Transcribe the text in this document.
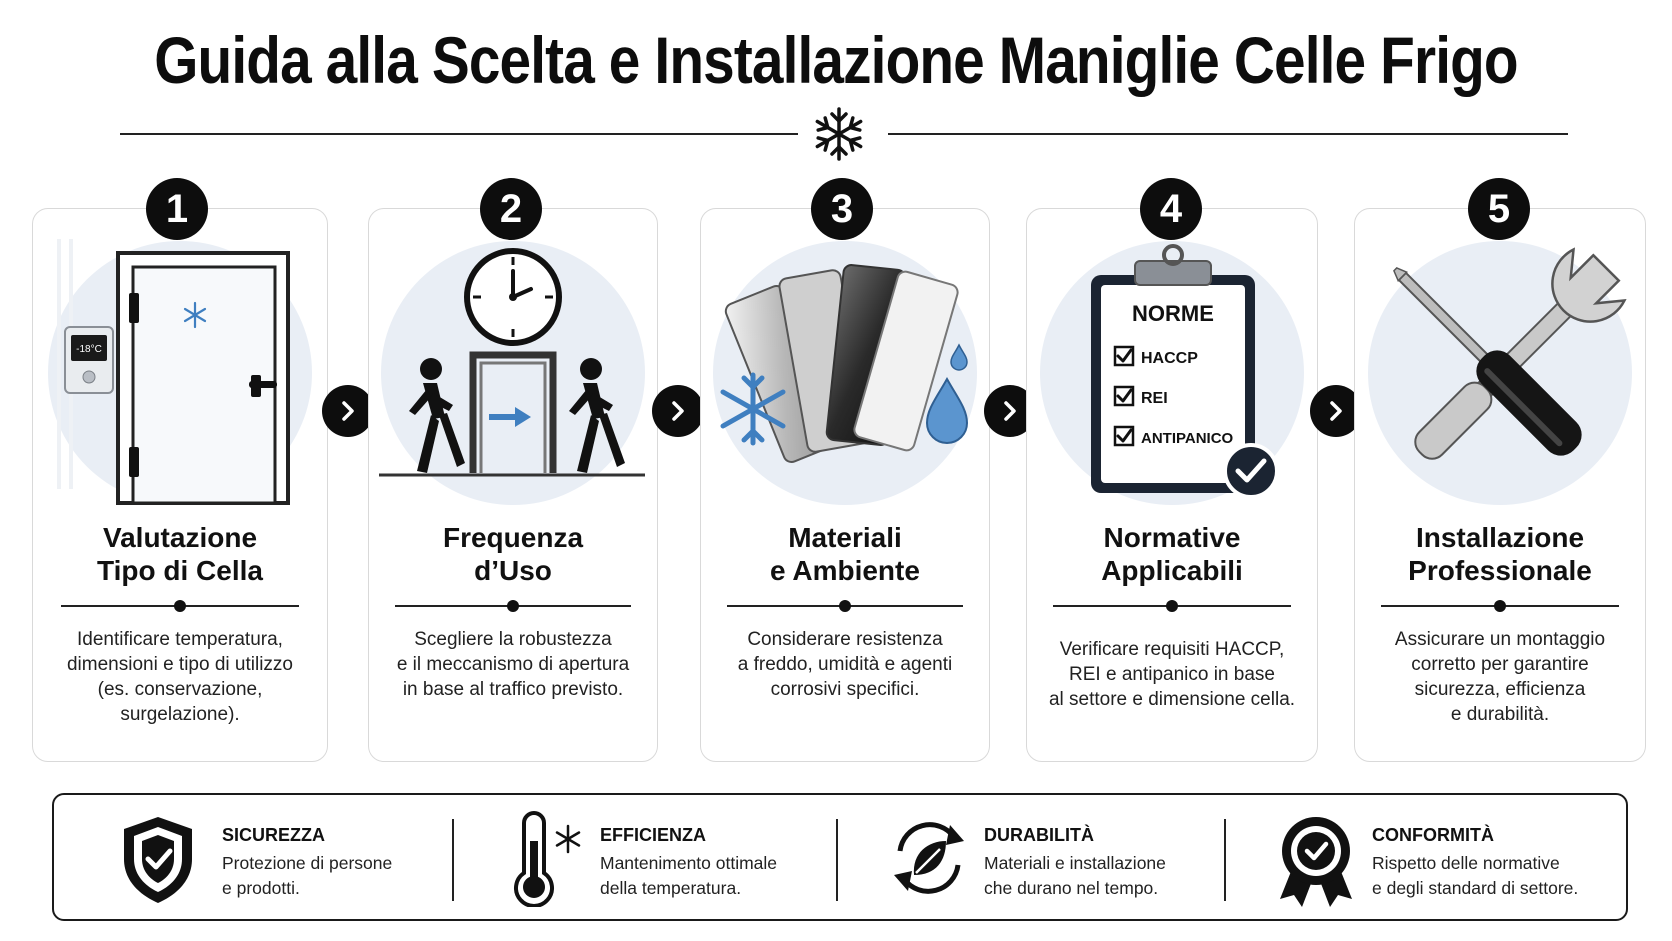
Guida alla Scelta e Installazione Maniglie Celle Frigo
-18°C
Valutazione
Tipo di Cella
Identificare temperatura,
dimensioni e tipo di utilizzo
(es. conservazione,
surgelazione).
1
Frequenza
d’Uso
Scegliere la robustezza
e il meccanismo di apertura
in base al traffico previsto.
2
Materiali
e Ambiente
Considerare resistenza
a freddo, umidità e agenti
corrosivi specifici.
3
NORME
HACCP
REI
ANTIPANICO
Normative
Applicabili
Verificare requisiti HACCP,
REI e antipanico in base
al settore e dimensione cella.
4
Installazione
Professionale
Assicurare un montaggio
corretto per garantire
sicurezza, efficienza
e durabilità.
5
SICUREZZA
Protezione di persone
e prodotti.
EFFICIENZA
Mantenimento ottimale
della temperatura.
DURABILITÀ
Materiali e installazione
che durano nel tempo.
CONFORMITÀ
Rispetto delle normative
e degli standard di settore.
